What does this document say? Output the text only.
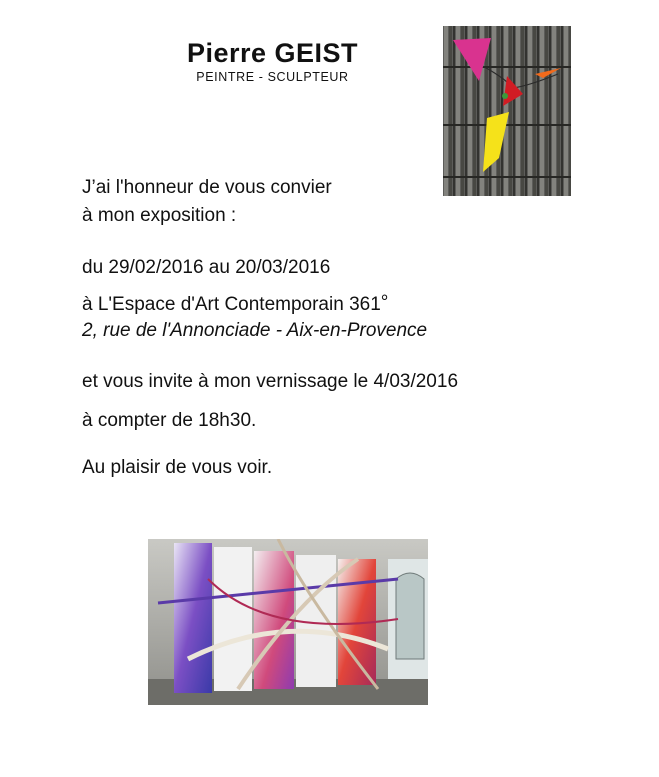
Pierre GEIST
PEINTRE - SCULPTEUR
J’ai l'honneur de vous convier
à mon exposition :
du 29/02/2016 au 20/03/2016
à L'Espace d'Art Contemporain 361°
2, rue de l'Annonciade - Aix-en-Provence
et vous invite à mon vernissage le 4/03/2016
à compter de 18h30.
Au plaisir de vous voir.
